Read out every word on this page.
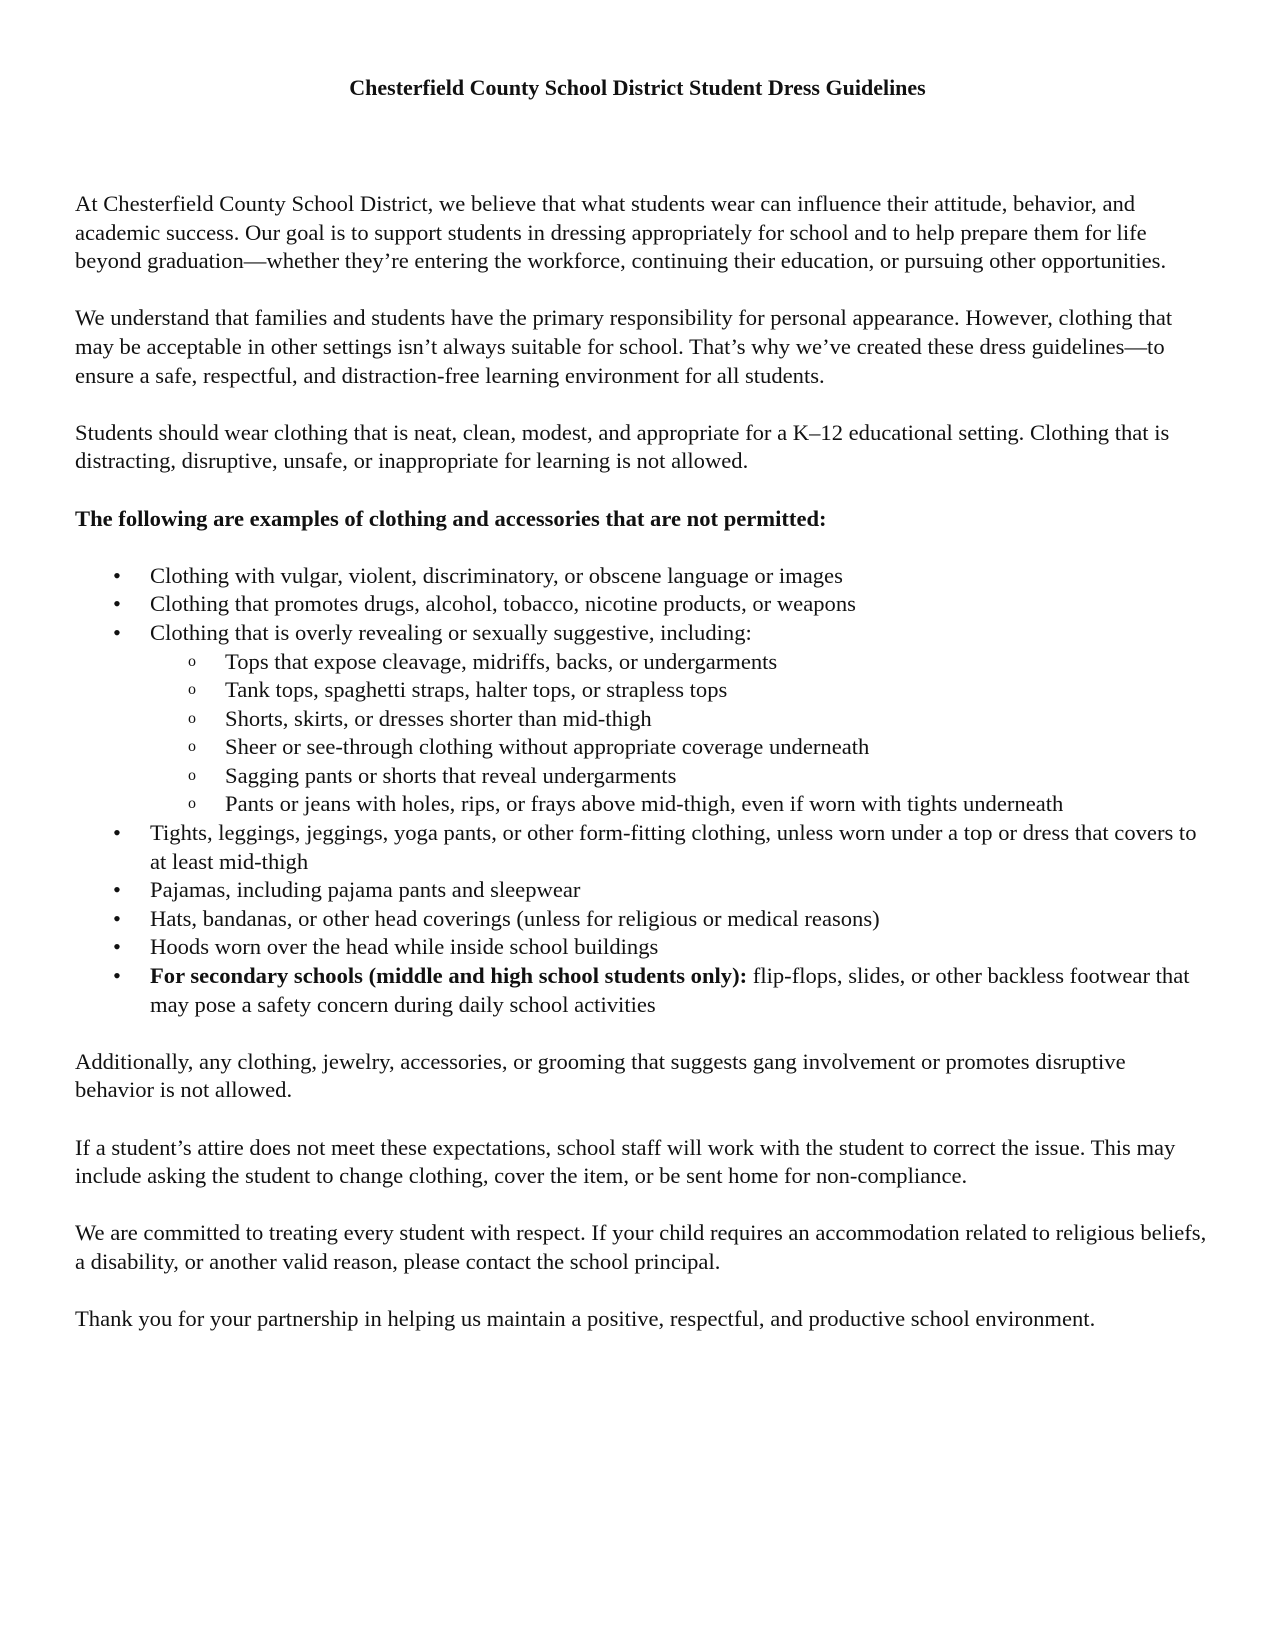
Chesterfield County School District Student Dress Guidelines

At Chesterfield County School District, we believe that what students wear can influence their attitude, behavior, and academic success. Our goal is to support students in dressing appropriately for school and to help prepare them for life beyond graduation—whether they’re entering the workforce, continuing their education, or pursuing other opportunities.

We understand that families and students have the primary responsibility for personal appearance. However, clothing that may be acceptable in other settings isn’t always suitable for school. That’s why we’ve created these dress guidelines—to ensure a safe, respectful, and distraction-free learning environment for all students.

Students should wear clothing that is neat, clean, modest, and appropriate for a K–12 educational setting. Clothing that is distracting, disruptive, unsafe, or inappropriate for learning is not allowed.

The following are examples of clothing and accessories that are not permitted:

•	Clothing with vulgar, violent, discriminatory, or obscene language or images
•	Clothing that promotes drugs, alcohol, tobacco, nicotine products, or weapons
•	Clothing that is overly revealing or sexually suggestive, including:
o Tops that expose cleavage, midriffs, backs, or undergarments
o Tank tops, spaghetti straps, halter tops, or strapless tops
o Shorts, skirts, or dresses shorter than mid-thigh
o Sheer or see-through clothing without appropriate coverage underneath
o Sagging pants or shorts that reveal undergarments
o Pants or jeans with holes, rips, or frays above mid-thigh, even if worn with tights underneath
•	Tights, leggings, jeggings, yoga pants, or other form-fitting clothing, unless worn under a top or dress that covers to at least mid-thigh
•	Pajamas, including pajama pants and sleepwear
•	Hats, bandanas, or other head coverings (unless for religious or medical reasons)
•	Hoods worn over the head while inside school buildings
•	For secondary schools (middle and high school students only): flip-flops, slides, or other backless footwear that may pose a safety concern during daily school activities

Additionally, any clothing, jewelry, accessories, or grooming that suggests gang involvement or promotes disruptive behavior is not allowed.

If a student’s attire does not meet these expectations, school staff will work with the student to correct the issue. This may include asking the student to change clothing, cover the item, or be sent home for non-compliance.

We are committed to treating every student with respect. If your child requires an accommodation related to religious beliefs, a disability, or another valid reason, please contact the school principal.

Thank you for your partnership in helping us maintain a positive, respectful, and productive school environment.
